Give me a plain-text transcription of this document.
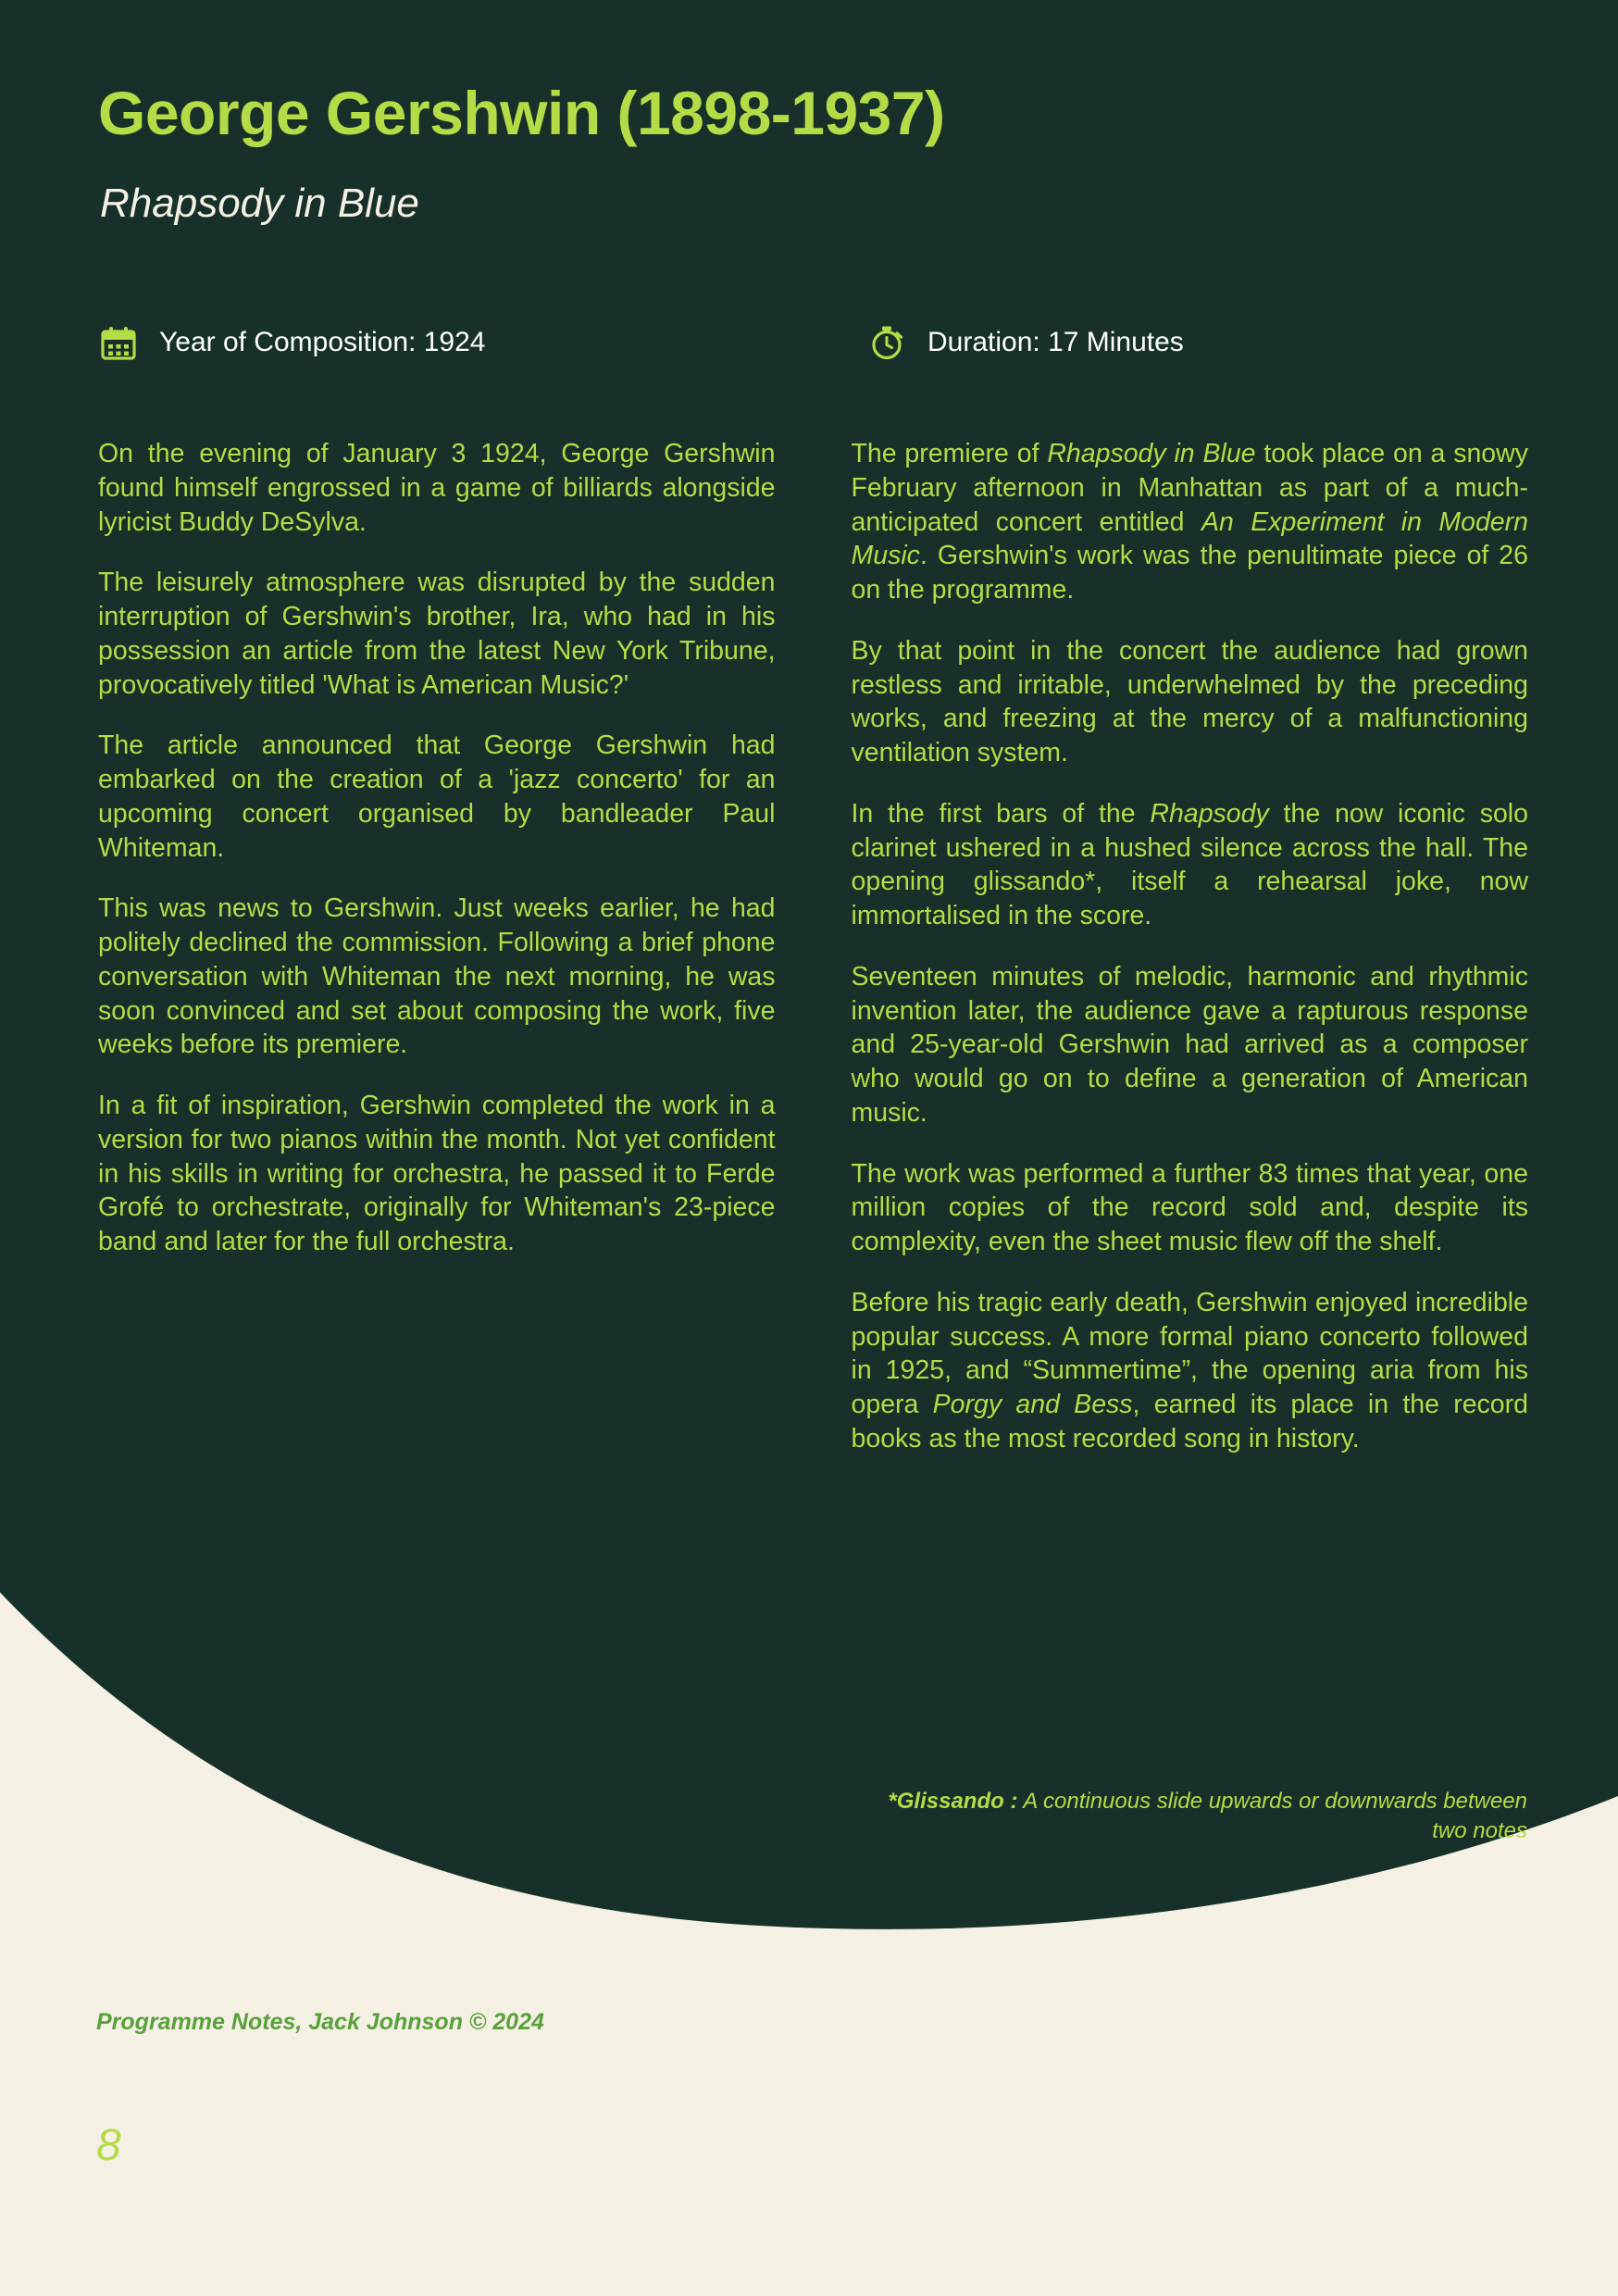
George Gershwin (1898-1937)
Rhapsody in Blue
Year of Composition: 1924	Duration: 17 Minutes

On the evening of January 3 1924, George Gershwin found himself engrossed in a game of billiards alongside lyricist Buddy DeSylva.

The leisurely atmosphere was disrupted by the sudden interruption of Gershwin's brother, Ira, who had in his possession an article from the latest New York Tribune, provocatively titled 'What is American Music?'

The article announced that George Gershwin had embarked on the creation of a 'jazz concerto' for an upcoming concert organised by bandleader Paul Whiteman.

This was news to Gershwin. Just weeks earlier, he had politely declined the commission. Following a brief phone conversation with Whiteman the next morning, he was soon convinced and set about composing the work, five weeks before its premiere.

In a fit of inspiration, Gershwin completed the work in a version for two pianos within the month. Not yet confident in his skills in writing for orchestra, he passed it to Ferde Grofé to orchestrate, originally for Whiteman's 23-piece band and later for the full orchestra.

The premiere of Rhapsody in Blue took place on a snowy February afternoon in Manhattan as part of a much-anticipated concert entitled An Experiment in Modern Music. Gershwin's work was the penultimate piece of 26 on the programme.

By that point in the concert the audience had grown restless and irritable, underwhelmed by the preceding works, and freezing at the mercy of a malfunctioning ventilation system.

In the first bars of the Rhapsody the now iconic solo clarinet ushered in a hushed silence across the hall. The opening glissando*, itself a rehearsal joke, now immortalised in the score.

Seventeen minutes of melodic, harmonic and rhythmic invention later, the audience gave a rapturous response and 25-year-old Gershwin had arrived as a composer who would go on to define a generation of American music.

The work was performed a further 83 times that year, one million copies of the record sold and, despite its complexity, even the sheet music flew off the shelf.

Before his tragic early death, Gershwin enjoyed incredible popular success. A more formal piano concerto followed in 1925, and “Summertime”, the opening aria from his opera Porgy and Bess, earned its place in the record books as the most recorded song in history.

*Glissando : A continuous slide upwards or downwards between two notes
Programme Notes, Jack Johnson © 2024
8
